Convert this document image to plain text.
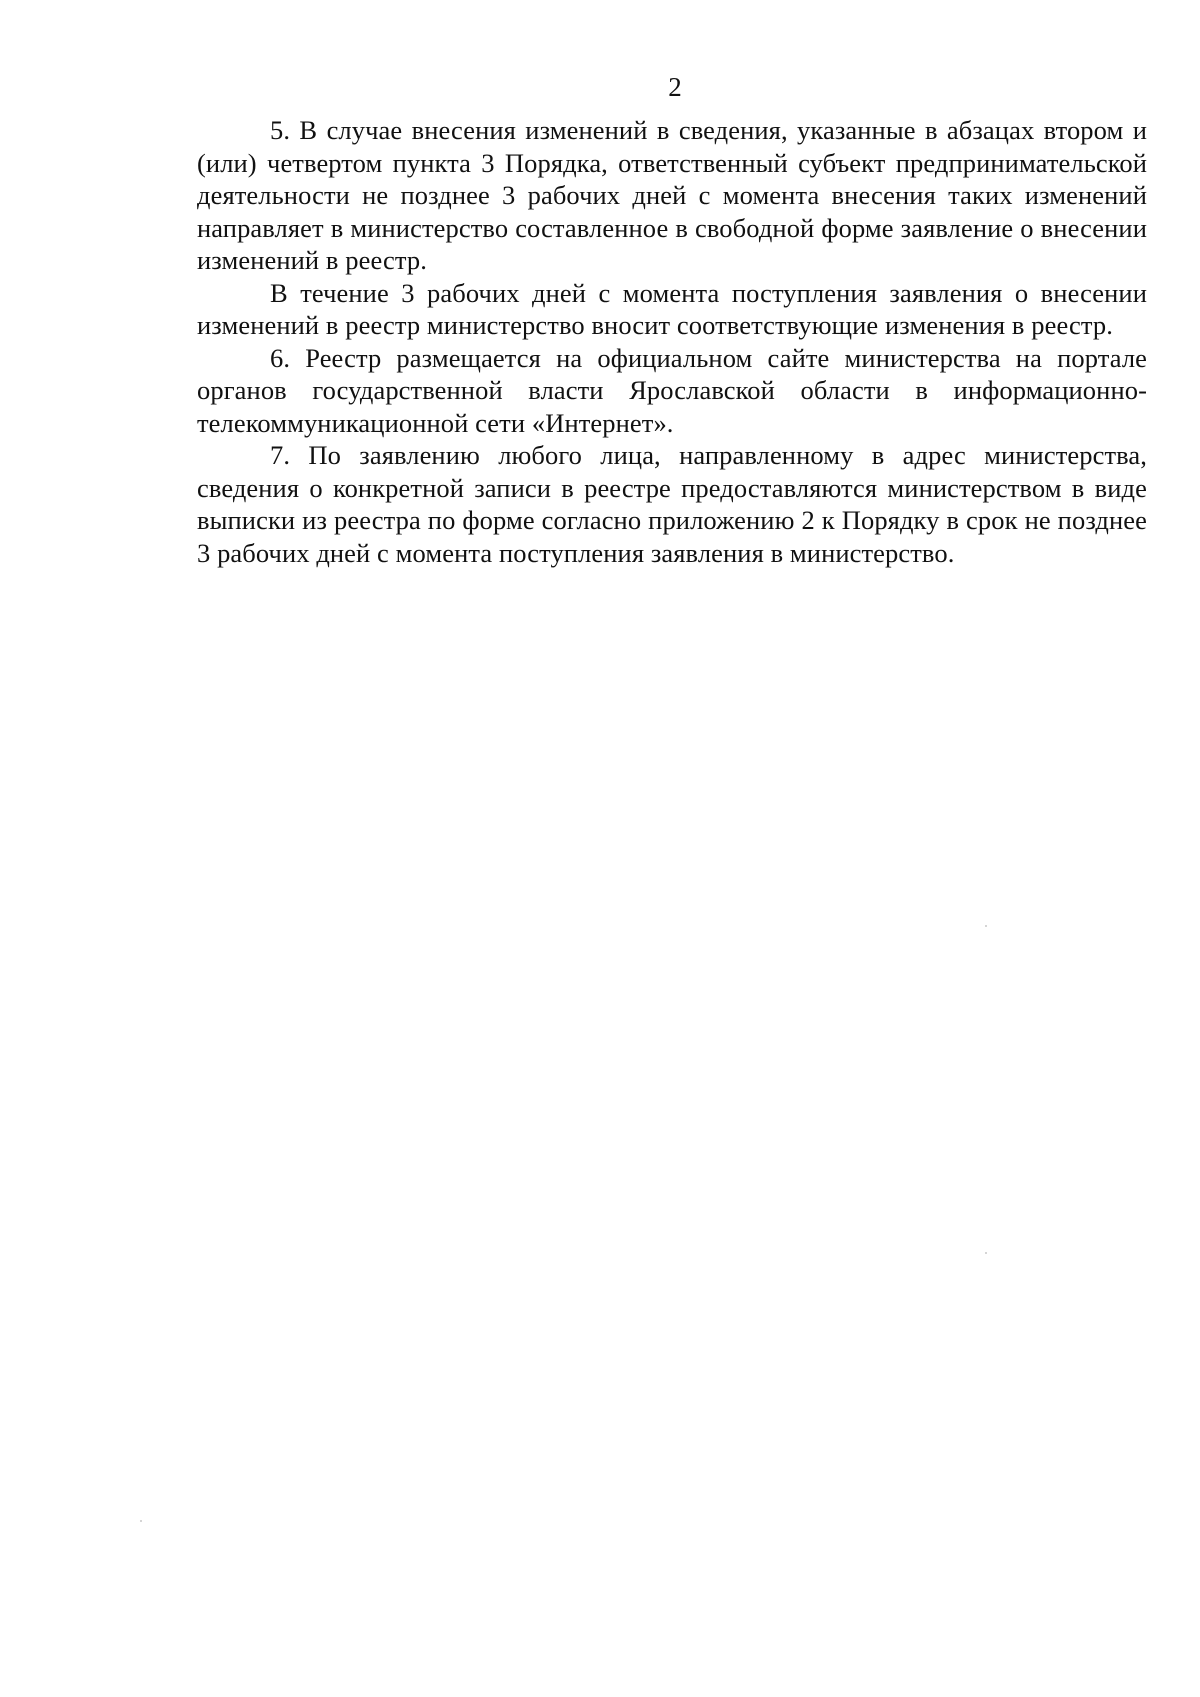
2

5. В случае внесения изменений в сведения, указанные в абзацах втором и (или) четвертом пункта 3 Порядка, ответственный субъект предпринимательской деятельности не позднее 3 рабочих дней с момента внесения таких изменений направляет в министерство составленное в свободной форме заявление о внесении изменений в реестр.

В течение 3 рабочих дней с момента поступления заявления о внесении изменений в реестр министерство вносит соответствующие изменения в реестр.

6. Реестр размещается на официальном сайте министерства на портале органов государственной власти Ярославской области в информационно-телекоммуникационной сети «Интернет».

7. По заявлению любого лица, направленному в адрес министерства, сведения о конкретной записи в реестре предоставляются министерством в виде выписки из реестра по форме согласно приложению 2 к Порядку в срок не позднее 3 рабочих дней с момента поступления заявления в министерство.
